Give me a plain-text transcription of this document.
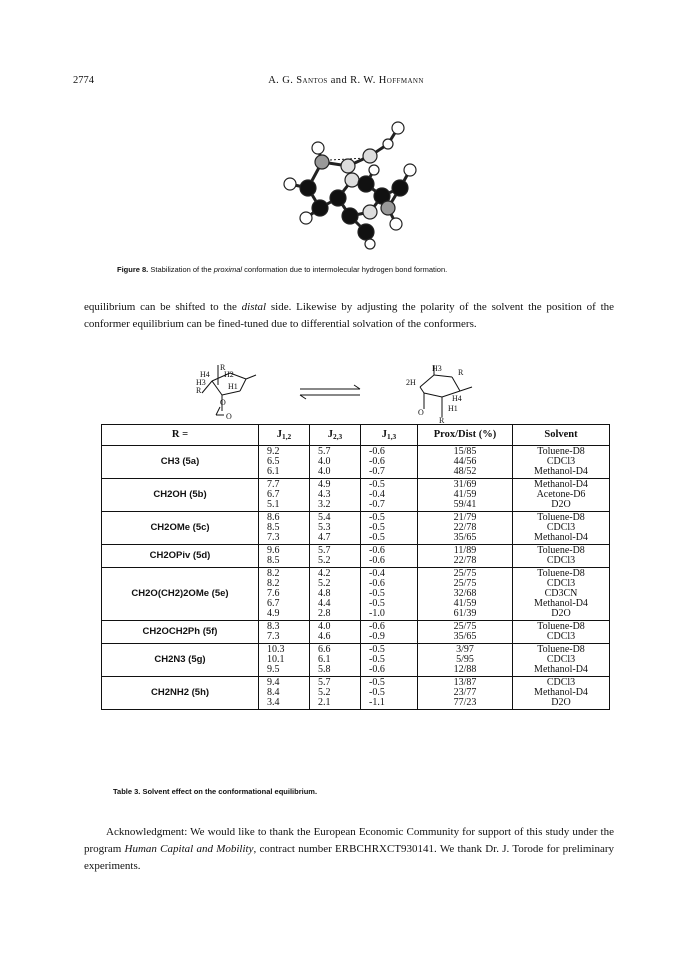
2774	A. G. Santos and R. W. Hoffmann
Figure 8. Stabilization of the proximal conformation due to intermolecular hydrogen bond formation.
equilibrium can be shifted to the distal side. Likewise by adjusting the polarity of the solvent the position of the conformer equilibrium can be fined-tuned due to differential solvation of the conformers.
R
H2
H4
H3
R	H1
O
O
H3 R
2H
H4
H1
O
R
R =	$J_{1,2}$	$J_{2,3}$	$J_{1,3}$	Prox/Dist (%)	Solvent
CH3 (5a)	9.2
6.5
6.1	5.7
4.0
4.0	-0.6
-0.6
-0.7	15/85
44/56
48/52	Toluene-D8
CDCl3
Methanol-D4

CH2OH (5b)	7.7
6.7
5.1	4.9
4.3
3.2	-0.5
-0.4
-0.7	31/69
41/59
59/41	Methanol-D4
Acetone-D6
D2O

CH2OMe (5c)	8.6
8.5
7.3	5.4
5.3
4.7	-0.5
-0.5
-0.5	21/79
22/78
35/65	Toluene-D8
CDCl3
Methanol-D4

CH2OPiv (5d)	9.6
8.5	5.7
5.2	-0.6
-0.6	11/89
22/78	Toluene-D8
CDCl3

CH2O(CH2)2OMe (5e)	8.2
8.2
7.6
6.7
4.9	4.2
5.2
4.8
4.4
2.8	-0.4
-0.6
-0.5
-0.5
-1.0	25/75
25/75
32/68
41/59
61/39	Toluene-D8
CDCl3
CD3CN
Methanol-D4
D2O

CH2OCH2Ph (5f)	8.3
7.3	4.0
4.6	-0.6
-0.9	25/75
35/65	Toluene-D8
CDCl3

CH2N3 (5g)	10.3
10.1
9.5	6.6
6.1
5.8	-0.5
-0.5
-0.6	3/97
5/95
12/88	Toluene-D8
CDCl3
Methanol-D4

CH2NH2 (5h)	9.4
8.4
3.4	5.7
5.2
2.1	-0.5
-0.5
-1.1	13/87
23/77
77/23	CDCl3
Methanol-D4
D2O
Table 3. Solvent effect on the conformational equilibrium.
Acknowledgment: We would like to thank the European Economic Community for support of this study under the program Human Capital and Mobility, contract number ERBCHRXCT930141. We thank Dr. J. Torode for preliminary experiments.
